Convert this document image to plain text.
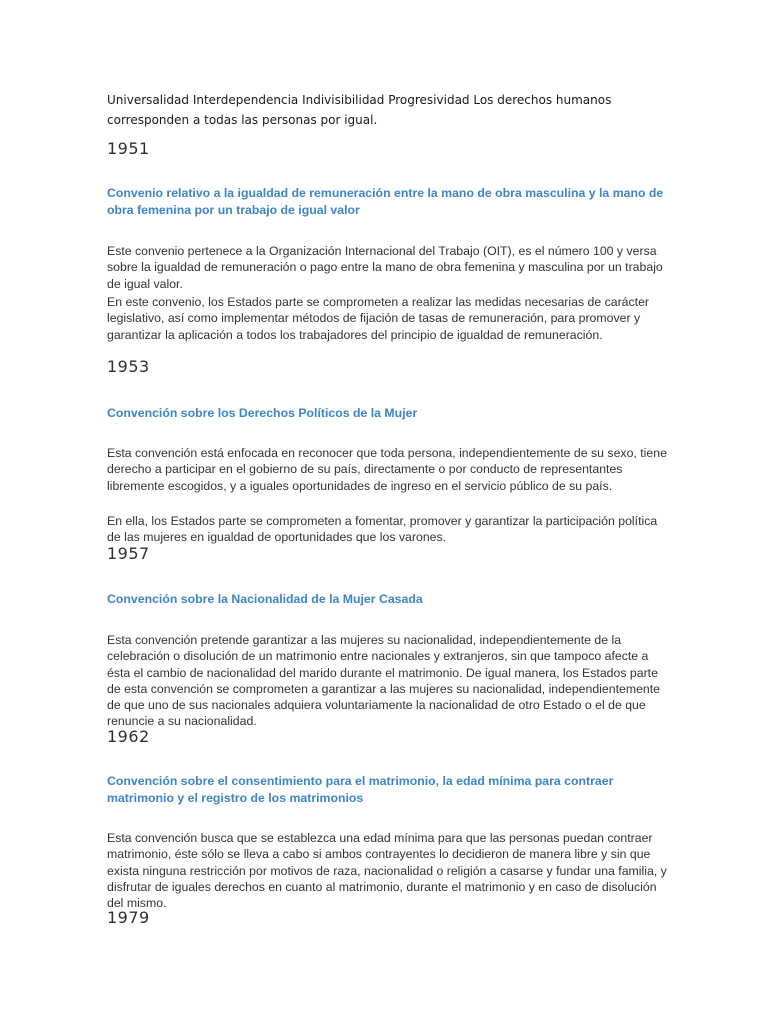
Universalidad Interdependencia Indivisibilidad Progresividad Los derechos humanos corresponden a todas las personas por igual.
1951
Convenio relativo a la igualdad de remuneración entre la mano de obra masculina y la mano de obra femenina por un trabajo de igual valor
Este convenio pertenece a la Organización Internacional del Trabajo (OIT), es el número 100 y versa sobre la igualdad de remuneración o pago entre la mano de obra femenina y masculina por un trabajo de igual valor.
En este convenio, los Estados parte se comprometen a realizar las medidas necesarias de carácter legislativo, así como implementar métodos de fijación de tasas de remuneración, para promover y garantizar la aplicación a todos los trabajadores del principio de igualdad de remuneración.
1953
Convención sobre los Derechos Políticos de la Mujer
Esta convención está enfocada en reconocer que toda persona, independientemente de su sexo, tiene derecho a participar en el gobierno de su país, directamente o por conducto de representantes libremente escogidos, y a iguales oportunidades de ingreso en el servicio público de su país.
En ella, los Estados parte se comprometen a fomentar, promover y garantizar la participación política de las mujeres en igualdad de oportunidades que los varones.
1957
Convención sobre la Nacionalidad de la Mujer Casada
Esta convención pretende garantizar a las mujeres su nacionalidad, independientemente de la celebración o disolución de un matrimonio entre nacionales y extranjeros, sin que tampoco afecte a ésta el cambio de nacionalidad del marido durante el matrimonio. De igual manera, los Estados parte de esta convención se comprometen a garantizar a las mujeres su nacionalidad, independientemente de que uno de sus nacionales adquiera voluntariamente la nacionalidad de otro Estado o el de que renuncie a su nacionalidad.
1962
Convención sobre el consentimiento para el matrimonio, la edad mínima para contraer matrimonio y el registro de los matrimonios
Esta convención busca que se establezca una edad mínima para que las personas puedan contraer matrimonio, éste sólo se lleva a cabo si ambos contrayentes lo decidieron de manera libre y sin que exista ninguna restricción por motivos de raza, nacionalidad o religión a casarse y fundar una familia, y disfrutar de iguales derechos en cuanto al matrimonio, durante el matrimonio y en caso de disolución del mismo.
1979
